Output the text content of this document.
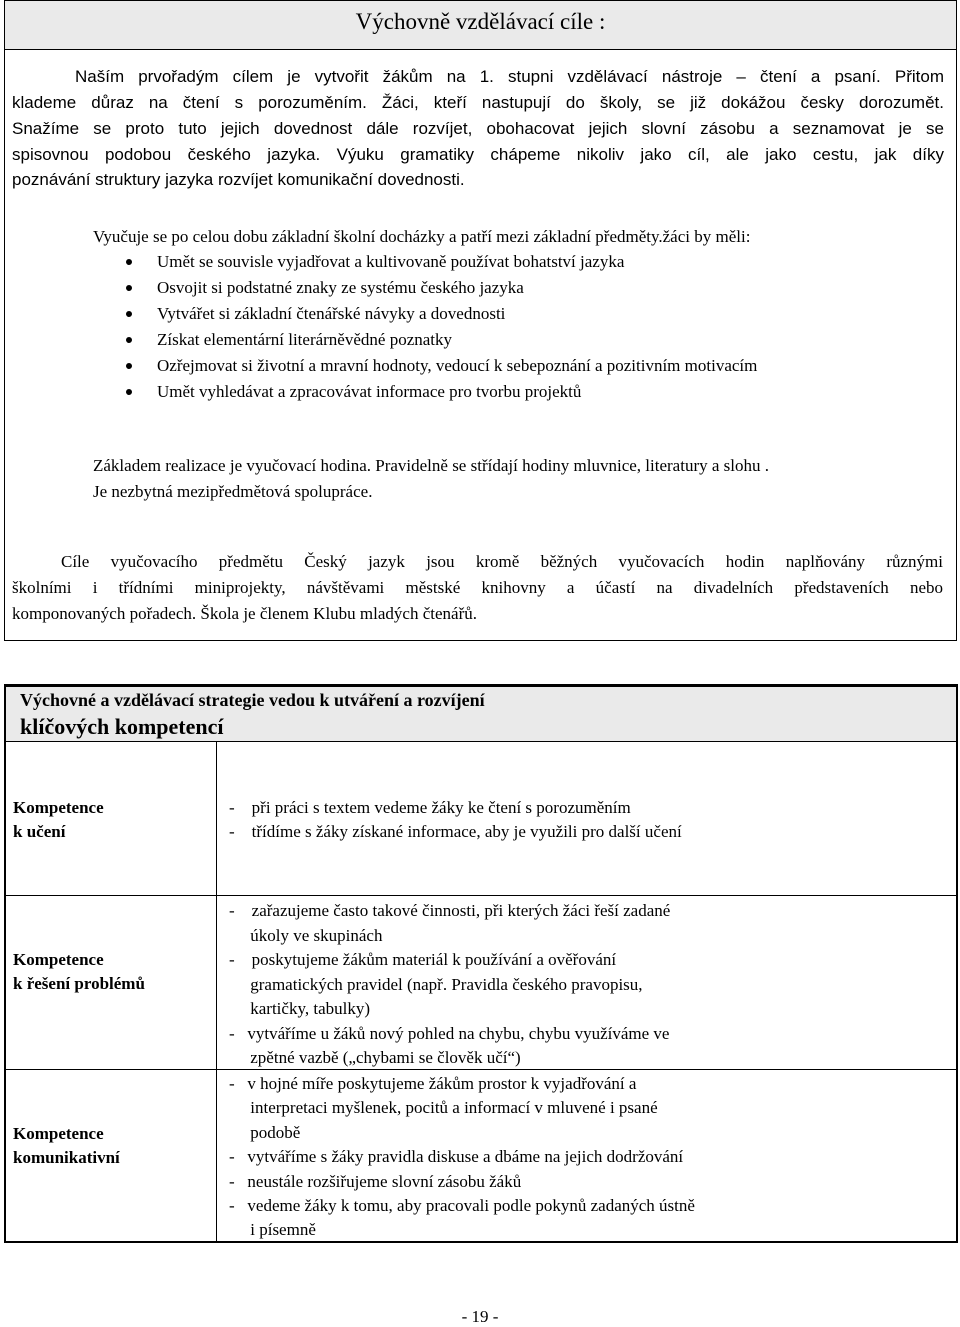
Výchovně vzdělávací cíle :
Naším prvořadým cílem je vytvořit žákům na 1. stupni vzdělávací nástroje – čtení a psaní. Přitom
klademe důraz na čtení s porozuměním. Žáci, kteří nastupují do školy, se již dokážou česky dorozumět.
Snažíme se proto tuto jejich dovednost dále rozvíjet, obohacovat jejich slovní zásobu a seznamovat je se
spisovnou podobou českého jazyka. Výuku gramatiky chápeme nikoliv jako cíl, ale jako cestu, jak díky
poznávání struktury jazyka rozvíjet komunikační dovednosti.
Vyučuje se po celou dobu základní školní docházky a patří mezi základní předměty.žáci by měli:
Umět se souvisle vyjadřovat a kultivovaně používat bohatství jazyka
Osvojit si podstatné znaky ze systému českého jazyka
Vytvářet si základní čtenářské návyky a dovednosti
Získat elementární literárněvědné poznatky
Ozřejmovat si životní a mravní hodnoty, vedoucí k sebepoznání a pozitivním motivacím
Umět vyhledávat a zpracovávat informace pro tvorbu projektů
Základem realizace je vyučovací hodina. Pravidelně se střídají hodiny mluvnice, literatury a slohu .
Je nezbytná mezipředmětová spolupráce.
Cíle vyučovacího předmětu Český jazyk jsou kromě běžných vyučovacích hodin naplňovány různými
školními i třídními miniprojekty, návštěvami městské knihovny a účastí na divadelních představeních nebo
komponovaných pořadech. Škola je členem Klubu mladých čtenářů.
Výchovné a vzdělávací strategie vedou k utváření a rozvíjení
klíčových kompetencí
Kompetence
k učení
-    při práci s textem vedeme žáky ke čtení s porozuměním
-    třídíme s žáky získané informace, aby je využili pro další učení
Kompetence
k řešení problémů
-    zařazujeme často takové činnosti, při kterých žáci řeší zadané
úkoly ve skupinách
-    poskytujeme žákům materiál k používání a ověřování
gramatických pravidel (např. Pravidla českého pravopisu,
kartičky, tabulky)
-   vytváříme u žáků nový pohled na chybu, chybu využíváme ve
zpětné vazbě („chybami se člověk učí“)
Kompetence
komunikativní
-   v hojné míře poskytujeme žákům prostor k vyjadřování a
interpretaci myšlenek, pocitů a informací v mluvené i psané
podobě
-   vytváříme s žáky pravidla diskuse a dbáme na jejich dodržování
-   neustále rozšiřujeme slovní zásobu žáků
-   vedeme žáky k tomu, aby pracovali podle pokynů zadaných ústně
i písemně
- 19 -
